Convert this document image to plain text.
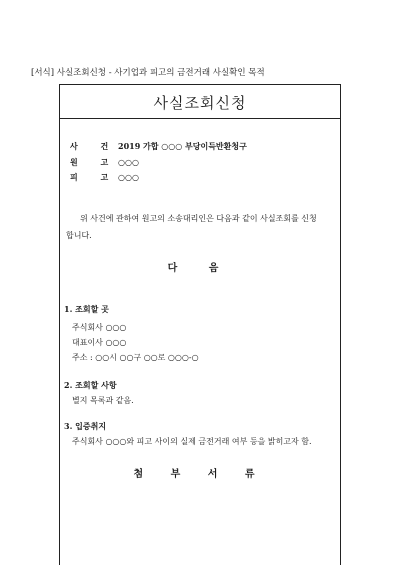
[서식] 사실조회신청 - 사기업과 피고의 금전거래 사실확인 목적
사실조회신청
사 건 2019 가합 ○○○ 부당이득반환청구
원 고 ○○○
피 고 ○○○
위 사건에 관하여 원고의 소송대리인은 다음과 같이 사실조회를 신청
합니다.
다 음
1. 조회할 곳
주식회사 ○○○
대표이사 ○○○
주소 : ○○시 ○○구 ○○로 ○○○-○
2. 조회할 사항
별지 목록과 같음.
3. 입증취지
주식회사 ○○○와 피고 사이의 실제 금전거래 여부 등을 밝히고자 함.
첨 부 서 류
